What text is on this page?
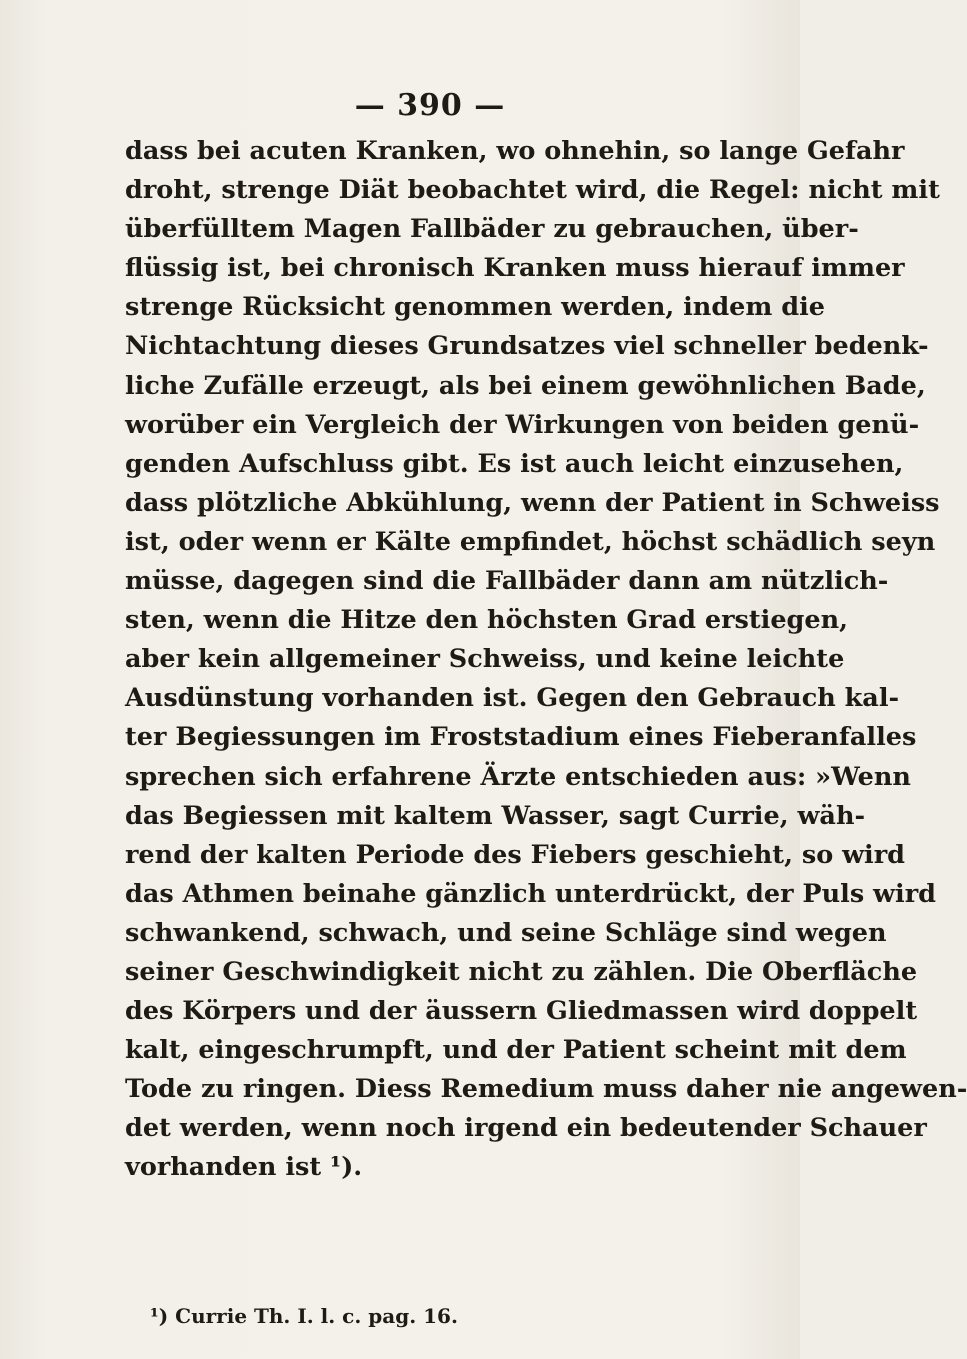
— 390 —
dass bei acuten Kranken, wo ohnehin, so lange Gefahr
droht, strenge Diät beobachtet wird, die Regel: nicht mit
überfülltem Magen Fallbäder zu gebrauchen, über-
flüssig ist, bei chronisch Kranken muss hierauf immer
strenge Rücksicht genommen werden, indem die
Nichtachtung dieses Grundsatzes viel schneller bedenk-
liche Zufälle erzeugt, als bei einem gewöhnlichen Bade,
worüber ein Vergleich der Wirkungen von beiden genü-
genden Aufschluss gibt. Es ist auch leicht einzusehen,
dass plötzliche Abkühlung, wenn der Patient in Schweiss
ist, oder wenn er Kälte empfindet, höchst schädlich seyn
müsse, dagegen sind die Fallbäder dann am nützlich-
sten, wenn die Hitze den höchsten Grad erstiegen,
aber kein allgemeiner Schweiss, und keine leichte
Ausdünstung vorhanden ist. Gegen den Gebrauch kal-
ter Begiessungen im Froststadium eines Fieberanfalles
sprechen sich erfahrene Ärzte entschieden aus: »Wenn
das Begiessen mit kaltem Wasser, sagt Currie, wäh-
rend der kalten Periode des Fiebers geschieht, so wird
das Athmen beinahe gänzlich unterdrückt, der Puls wird
schwankend, schwach, und seine Schläge sind wegen
seiner Geschwindigkeit nicht zu zählen. Die Oberfläche
des Körpers und der äussern Gliedmassen wird doppelt
kalt, eingeschrumpft, und der Patient scheint mit dem
Tode zu ringen. Diess Remedium muss daher nie angewen-
det werden, wenn noch irgend ein bedeutender Schauer
vorhanden ist ¹).
¹) Currie Th. I. l. c. pag. 16.
